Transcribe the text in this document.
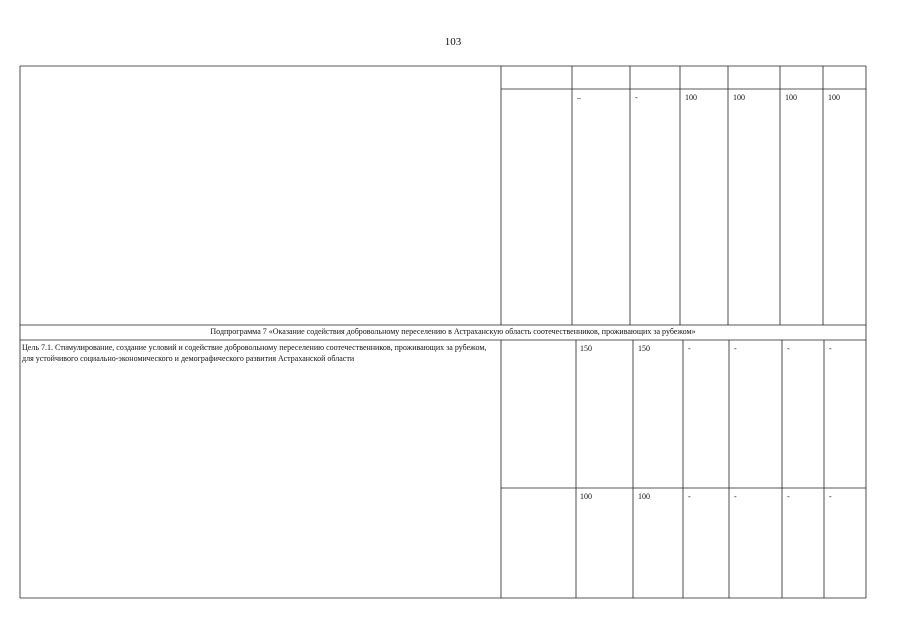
103
–	-	100	100	100	100
Подпрограмма 7 «Оказание содействия добровольному переселению в Астраханскую область соотечественников, проживающих за рубежом»
Цель 7.1. Стимулирование, создание условий и содействие добровольному переселению соотечественников, проживающих за рубежом, для устойчивого социально-экономического и демографического развития Астраханской области
150	150	-	-	-	-
100	100	-	-	-	-
